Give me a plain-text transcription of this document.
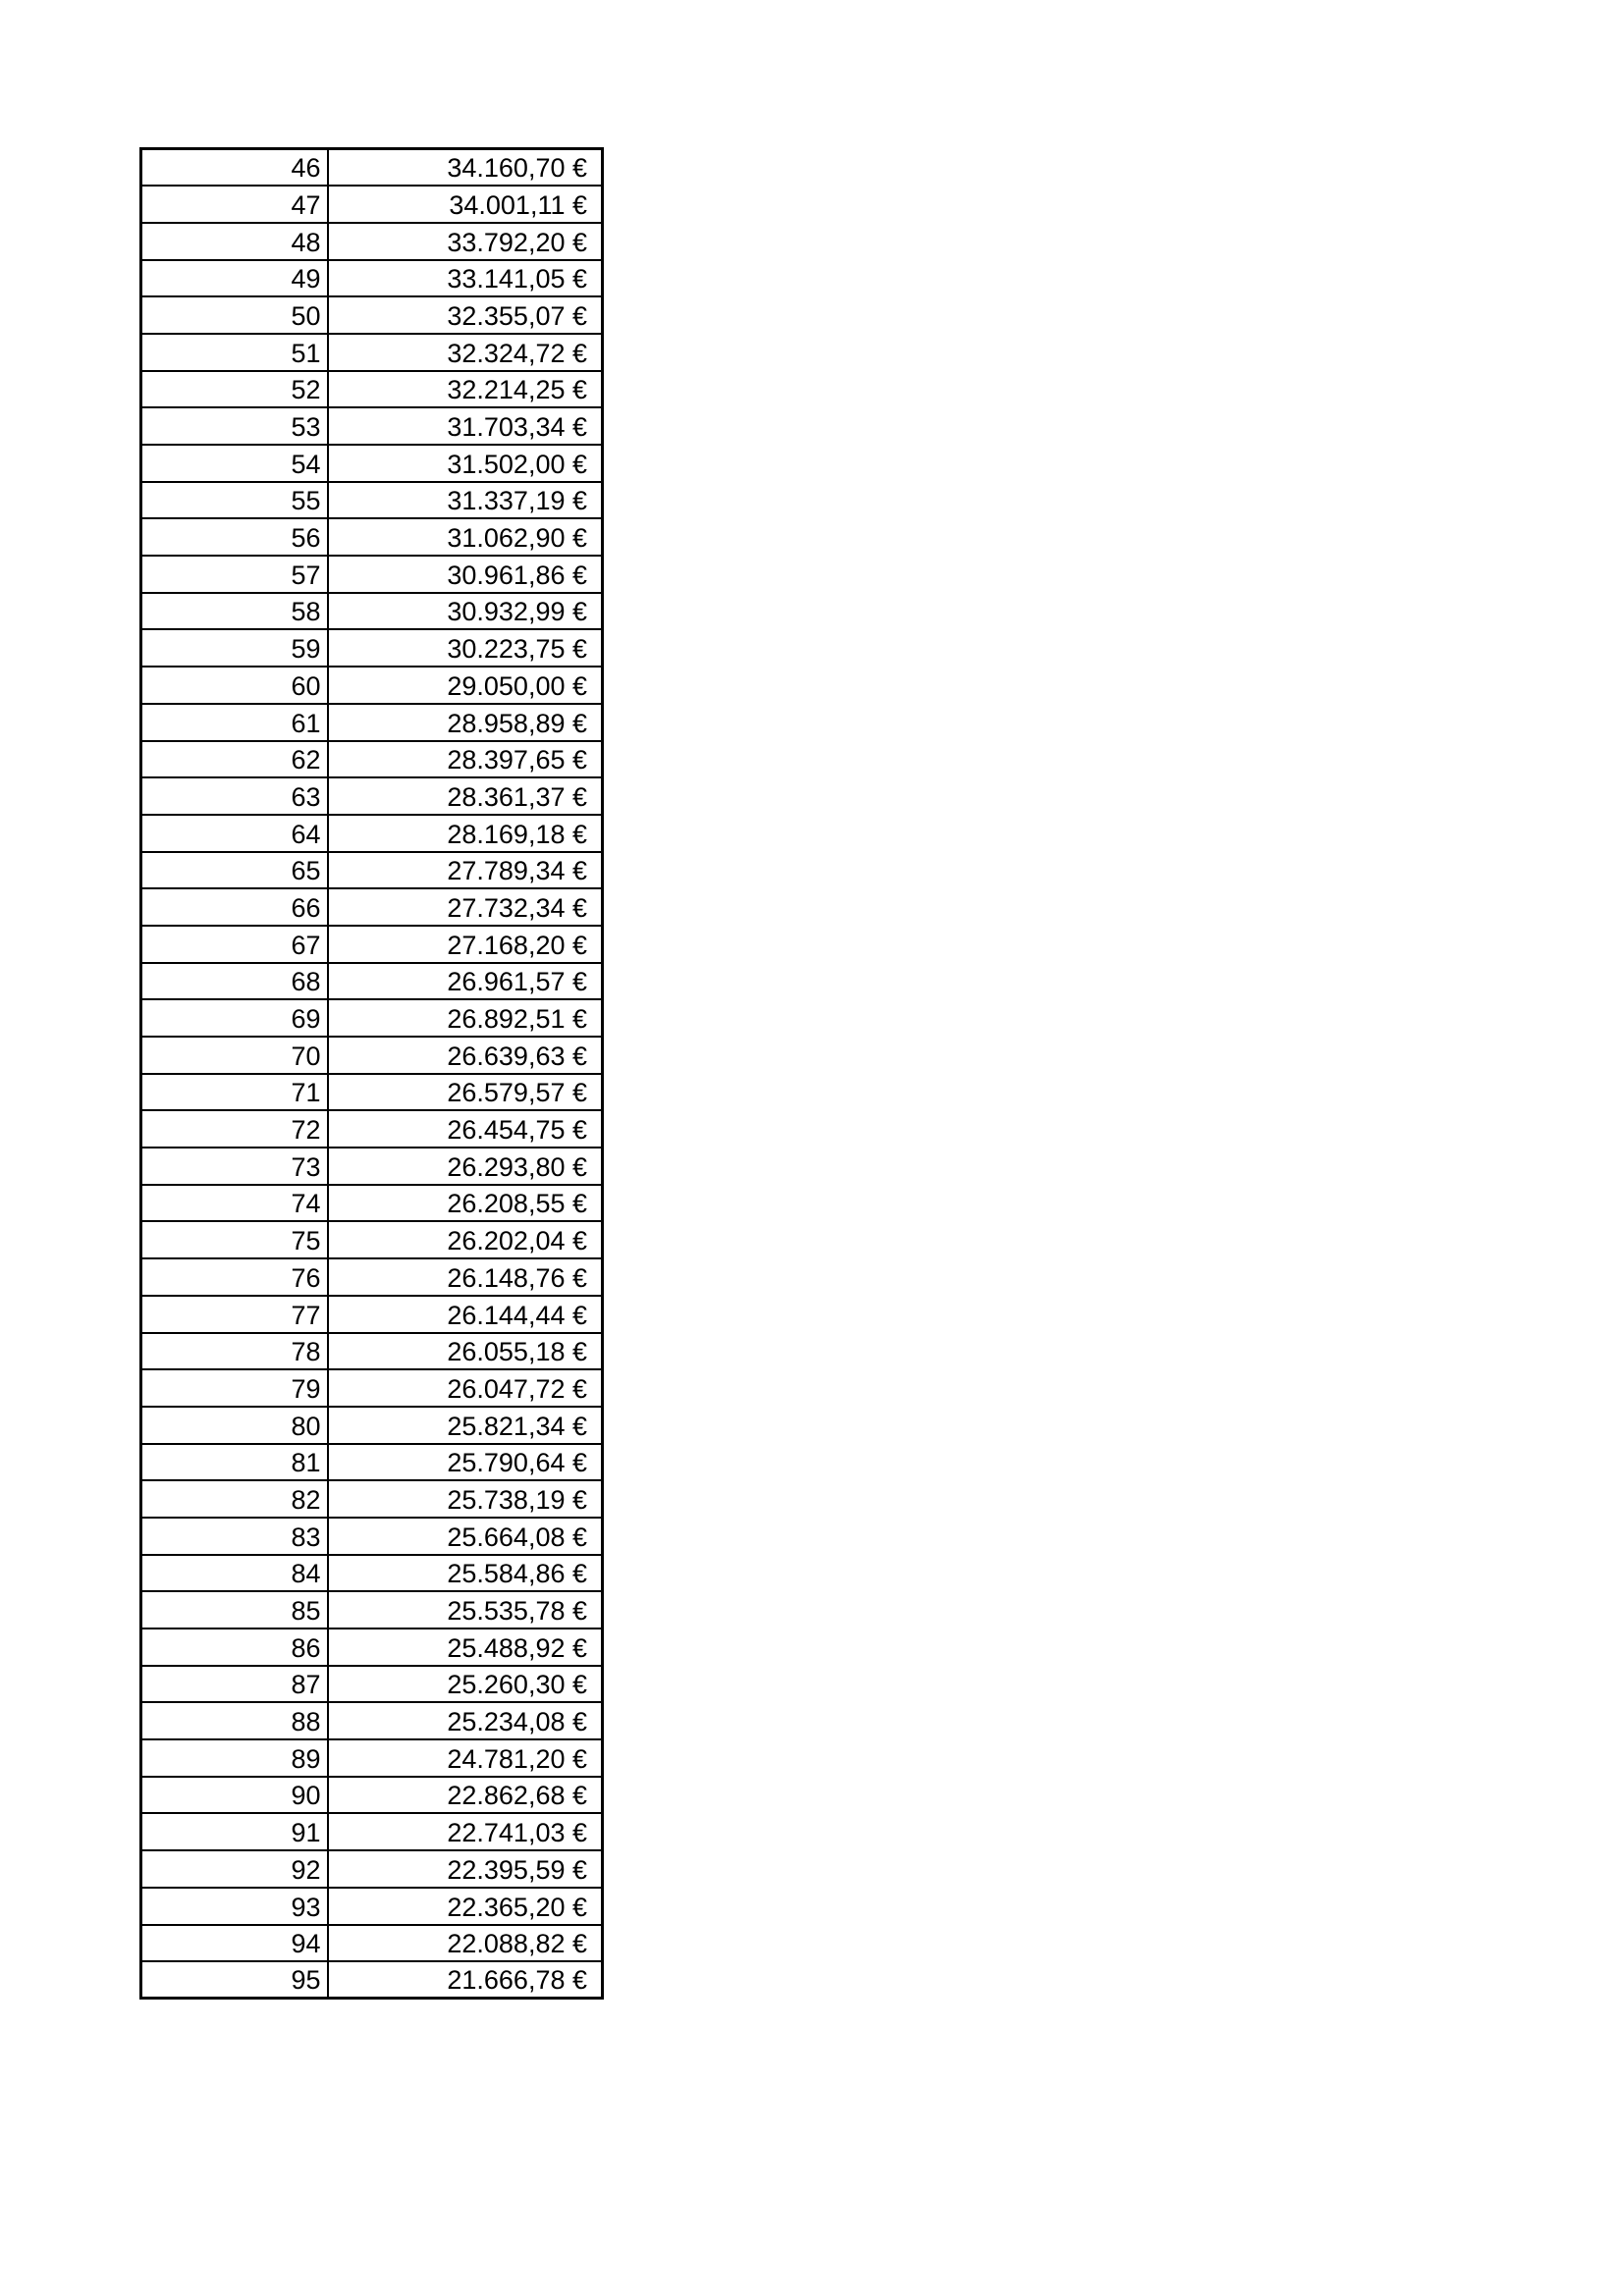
46	34.160,70 €
47	34.001,11 €
48	33.792,20 €
49	33.141,05 €
50	32.355,07 €
51	32.324,72 €
52	32.214,25 €
53	31.703,34 €
54	31.502,00 €
55	31.337,19 €
56	31.062,90 €
57	30.961,86 €
58	30.932,99 €
59	30.223,75 €
60	29.050,00 €
61	28.958,89 €
62	28.397,65 €
63	28.361,37 €
64	28.169,18 €
65	27.789,34 €
66	27.732,34 €
67	27.168,20 €
68	26.961,57 €
69	26.892,51 €
70	26.639,63 €
71	26.579,57 €
72	26.454,75 €
73	26.293,80 €
74	26.208,55 €
75	26.202,04 €
76	26.148,76 €
77	26.144,44 €
78	26.055,18 €
79	26.047,72 €
80	25.821,34 €
81	25.790,64 €
82	25.738,19 €
83	25.664,08 €
84	25.584,86 €
85	25.535,78 €
86	25.488,92 €
87	25.260,30 €
88	25.234,08 €
89	24.781,20 €
90	22.862,68 €
91	22.741,03 €
92	22.395,59 €
93	22.365,20 €
94	22.088,82 €
95	21.666,78 €
